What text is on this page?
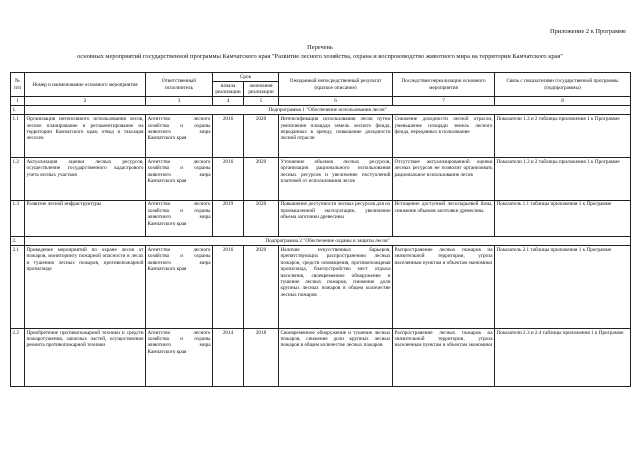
Приложение 2 к Программе
Перечень
основных мероприятий государственной программы Камчатского края "Развитие лесного хозяйства, охрана и воспроизводство животного мира на территории Камчатского края"
№ п/п	Номер и наименование основного мероприятия	Ответственный исполнитель	Срок		Ожидаемый непосредственный результат (краткое описание)	Последствия нереализации основного мероприятия	Связь с показателями государственной программы (подпрограммы)
			начала реализации	окончания реализации			
1	2	3	4	5	6	7	8
1.	Подпрограмма 1 "Обеспечение использования лесов"						
1.1	Организация интенсивного использования лесов, лесное планирование и регламентирование на территории Камчатского края, отвод и таксация лесосек	Агентство лесного хозяйства и охраны животного мира Камчатского края	2016	2020	Интенсификация использования лесов путем увеличения площади земель лесного фонда, переданных в аренду, повышение доходности лесной отрасли	Снижение доходности лесной отрасли, уменьшение площади земель лесного фонда, переданных в пользование	Показатели 1.3 и 2 таблицы приложения 1 к Программе
1.2	Актуализация оценки лесных ресурсов, осуществление государственного кадастрового учета лесных участков	Агентство лесного хозяйства и охраны животного мира Камчатского края	2016	2020	Уточнение объемов лесных ресурсов, организация рационального использования лесных ресурсов и увеличение поступлений платежей от использования лесов	Отсутствие актуализированной оценки лесных ресурсов не позволит организовать рациональное использование лесов	Показатели 1.3 и 2 таблицы приложения 1 к Программе
1.3	Развитие лесной инфраструктуры	Агентство лесного хозяйства и охраны животного мира Камчатского края	2019	2020	Повышение доступности лесных ресурсов для их промышленной эксплуатации, увеличение объема заготовки древесины	Истощение доступной лесосырьевой базы, снижение объемов заготовки древесины	Показатель 1.1 таблицы приложения 1 к Программе
2.	Подпрограмма 2 "Обеспечение охраны и защиты лесов"						
2.1	Проведение мероприятий по охране лесов от пожаров, мониторингу пожарной опасности в лесах и тушению лесных пожаров, противопожарной пропаганде	Агентство лесного хозяйства и охраны животного мира Камчатского края	2016	2020	Наличие искусственных барьеров, препятствующих распространению лесных пожаров, средств оповещения, противопожарная пропаганда, благоустройство мест отдыха населения, своевременное обнаружение и тушение лесных пожаров, снижение доли крупных лесных пожаров в общем количестве лесных пожаров	Распространение лесных пожаров на значительной территории, угроза населенным пунктам и объектам экономики	Показатель 2.1 таблицы приложения 1 к Программе
2.2	Приобретение противопожарной техники и средств пожаротушения, запасных частей, осуществление ремонта противопожарной техники	Агентство лесного хозяйства и охраны животного мира Камчатского края	2014	2018	Своевременное обнаружение и тушение лесных пожаров, снижение доли крупных лесных пожаров в общем количестве лесных пожаров	Распространение лесных пожаров на значительной территории, угроза населенным пунктам и объектам экономики	Показатели 2.3 и 2.4 таблицы приложения 1 к Программе
